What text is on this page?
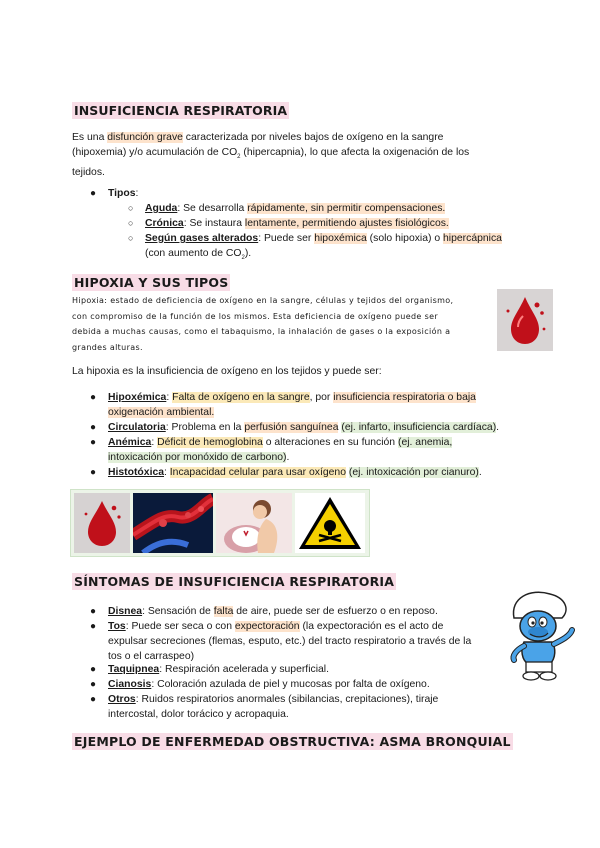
INSUFICIENCIA RESPIRATORIA
Es una disfunción grave caracterizada por niveles bajos de oxígeno en la sangre
(hipoxemia) y/o acumulación de $CO_2$ (hipercapnia), lo que afecta la oxigenación de los
tejidos.
● Tipos:
○ Aguda: Se desarrolla rápidamente, sin permitir compensaciones.
○ Crónica: Se instaura lentamente, permitiendo ajustes fisiológicos.
○ Según gases alterados: Puede ser hipoxémica (solo hipoxia) o hipercápnica
(con aumento de $CO_2$).
HIPOXIA Y SUS TIPOS
Hipoxia: estado de deficiencia de oxígeno en la sangre, células y tejidos del organismo,
con compromiso de la función de los mismos. Esta deficiencia de oxígeno puede ser
debida a muchas causas, como el tabaquismo, la inhalación de gases o la exposición a
grandes alturas.
La hipoxia es la insuficiencia de oxígeno en los tejidos y puede ser:
● Hipoxémica: Falta de oxígeno en la sangre, por insuficiencia respiratoria o baja
oxigenación ambiental.
● Circulatoria: Problema en la perfusión sanguínea (ej. infarto, insuficiencia cardíaca).
● Anémica: Déficit de hemoglobina o alteraciones en su función (ej. anemia,
intoxicación por monóxido de carbono).
● Histotóxica: Incapacidad celular para usar oxígeno (ej. intoxicación por cianuro).
SÍNTOMAS DE INSUFICIENCIA RESPIRATORIA
● Disnea: Sensación de falta de aire, puede ser de esfuerzo o en reposo.
● Tos: Puede ser seca o con expectoración (la expectoración es el acto de
expulsar secreciones (flemas, esputo, etc.) del tracto respiratorio a través de la
tos o el carraspeo)
● Taquipnea: Respiración acelerada y superficial.
● Cianosis: Coloración azulada de piel y mucosas por falta de oxígeno.
● Otros: Ruidos respiratorios anormales (sibilancias, crepitaciones), tiraje
intercostal, dolor torácico y acropaquia.
EJEMPLO DE ENFERMEDAD OBSTRUCTIVA: ASMA BRONQUIAL
